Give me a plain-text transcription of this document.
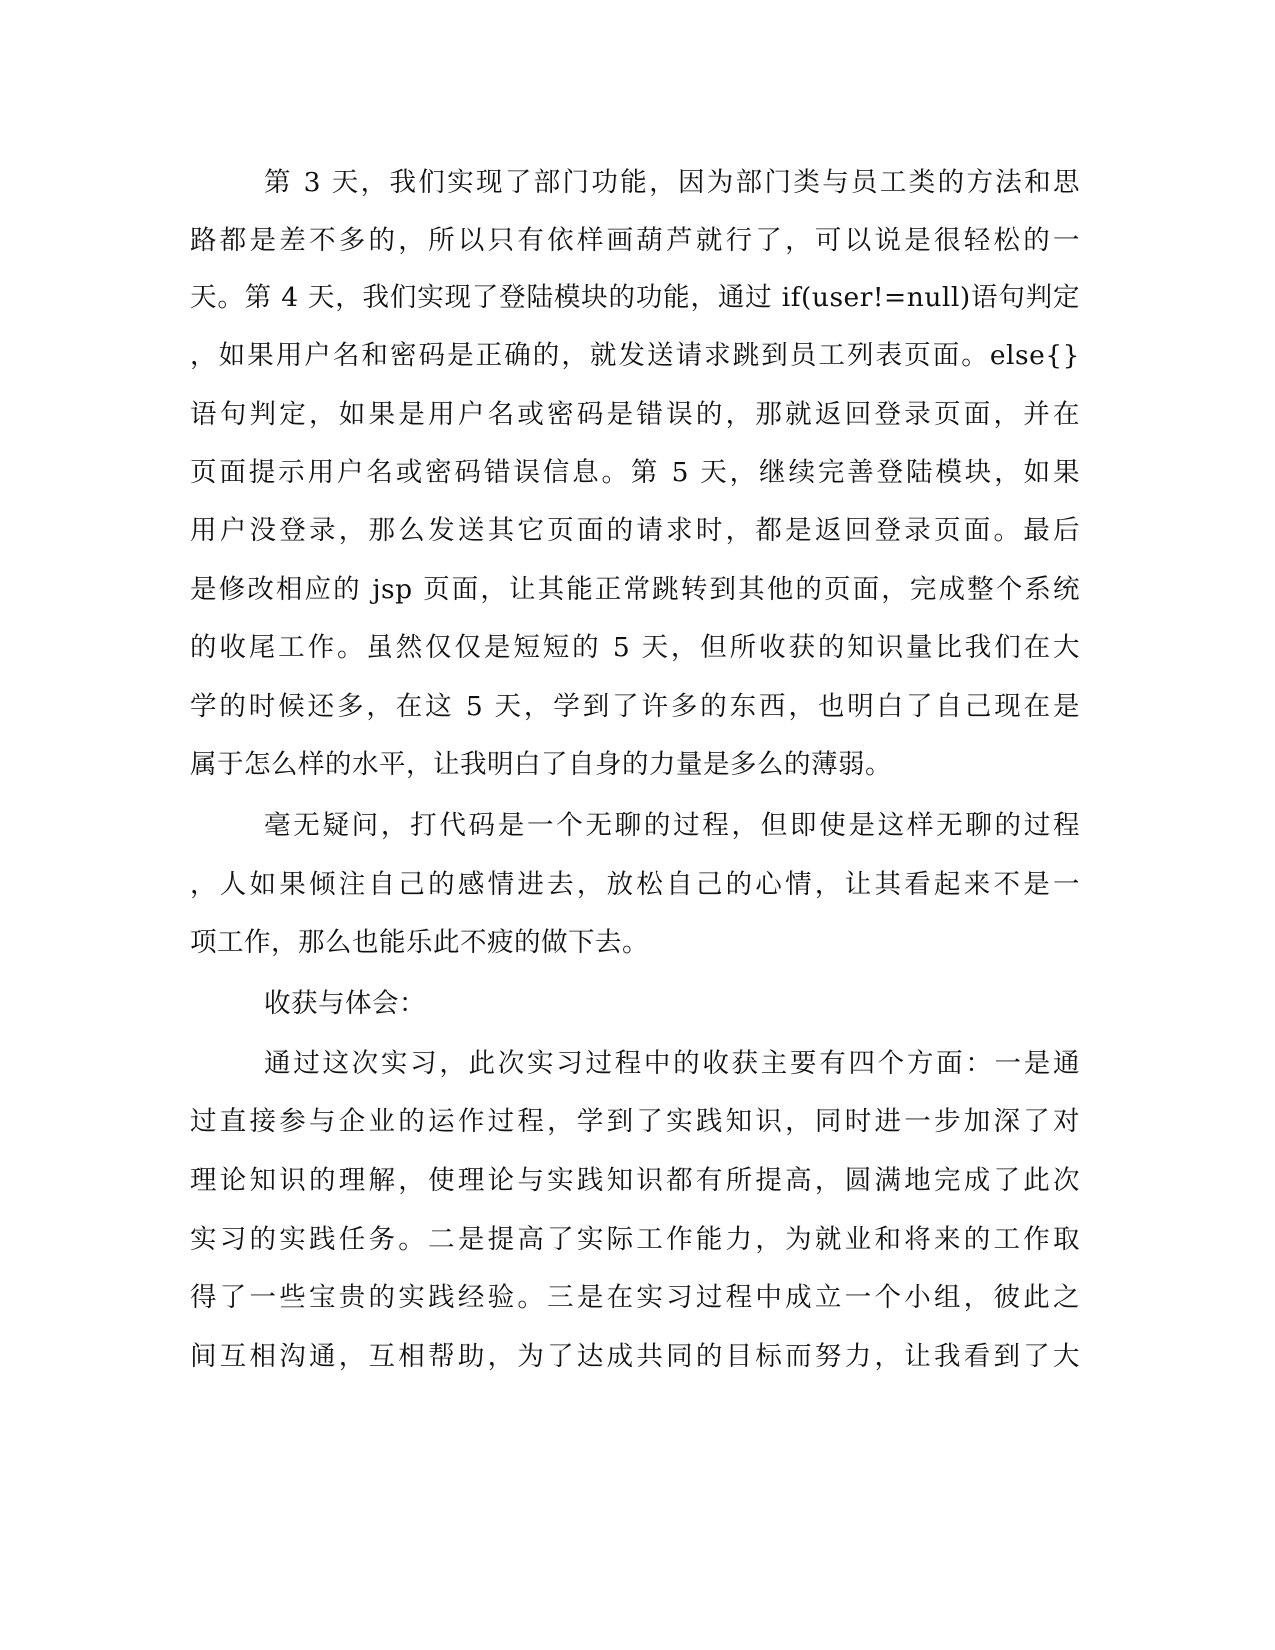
第 3 天，我们实现了部门功能，因为部门类与员工类的方法和思

路都是差不多的，所以只有依样画葫芦就行了，可以说是很轻松的一

天。第 4 天，我们实现了登陆模块的功能，通过 if(user!=null)语句判定

，如果用户名和密码是正确的，就发送请求跳到员工列表页面。else{}

语句判定，如果是用户名或密码是错误的，那就返回登录页面，并在

页面提示用户名或密码错误信息。第 5 天，继续完善登陆模块，如果

用户没登录，那么发送其它页面的请求时，都是返回登录页面。最后

是修改相应的 jsp 页面，让其能正常跳转到其他的页面，完成整个系统

的收尾工作。虽然仅仅是短短的 5 天，但所收获的知识量比我们在大

学的时候还多，在这 5 天，学到了许多的东西，也明白了自己现在是

属于怎么样的水平，让我明白了自身的力量是多么的薄弱。

毫无疑问，打代码是一个无聊的过程，但即使是这样无聊的过程

，人如果倾注自己的感情进去，放松自己的心情，让其看起来不是一

项工作，那么也能乐此不疲的做下去。

收获与体会：

通过这次实习，此次实习过程中的收获主要有四个方面：一是通

过直接参与企业的运作过程，学到了实践知识，同时进一步加深了对

理论知识的理解，使理论与实践知识都有所提高，圆满地完成了此次

实习的实践任务。二是提高了实际工作能力，为就业和将来的工作取

得了一些宝贵的实践经验。三是在实习过程中成立一个小组，彼此之

间互相沟通，互相帮助，为了达成共同的目标而努力，让我看到了大
